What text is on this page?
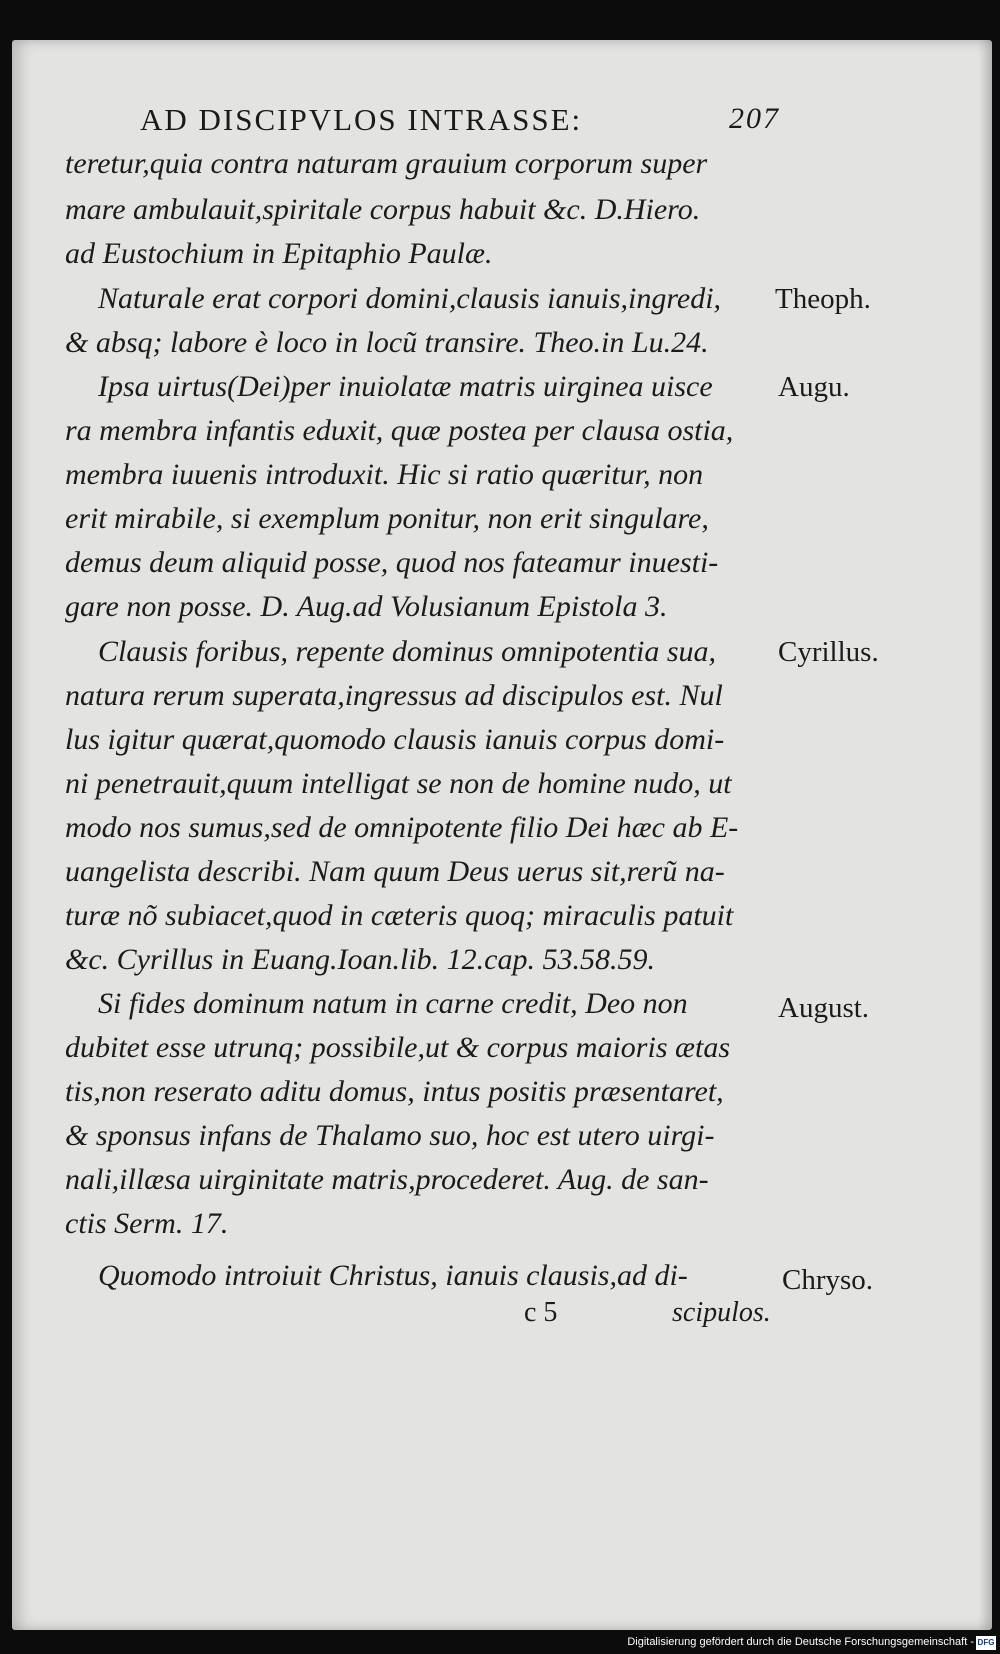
AD DISCIPVLOS INTRASSE:	207
teretur,quia contra naturam grauium corporum super
mare ambulauit,spiritale corpus habuit &c. D.Hiero.
ad Eustochium in Epitaphio Paulæ.
Naturale erat corpori domini,clausis ianuis,ingredi,
& absq; labore è loco in locũ transire. Theo.in Lu.24.
Ipsa uirtus(Dei)per inuiolatæ matris uirginea uisce
ra membra infantis eduxit, quæ postea per clausa ostia,
membra iuuenis introduxit. Hic si ratio quæritur, non
erit mirabile, si exemplum ponitur, non erit singulare,
demus deum aliquid posse, quod nos fateamur inuesti-
gare non posse. D. Aug.ad Volusianum Epistola 3.
Clausis foribus, repente dominus omnipotentia sua,
natura rerum superata,ingressus ad discipulos est. Nul
lus igitur quærat,quomodo clausis ianuis corpus domi-
ni penetrauit,quum intelligat se non de homine nudo, ut
modo nos sumus,sed de omnipotente filio Dei hæc ab E-
uangelista describi. Nam quum Deus uerus sit,rerũ na-
turæ nõ subiacet,quod in cæteris quoq; miraculis patuit
&c. Cyrillus in Euang.Ioan.lib. 12.cap. 53.58.59.
Si fides dominum natum in carne credit, Deo non
dubitet esse utrunq; possibile,ut & corpus maioris ætas
tis,non reserato aditu domus, intus positis præsentaret,
& sponsus infans de Thalamo suo, hoc est utero uirgi-
nali,illæsa uirginitate matris,procederet. Aug. de san-
ctis Serm. 17.
Quomodo introiuit Christus, ianuis clausis,ad di-
Theoph.
Augu.
Cyrillus.
August.
Chryso.
c 5	scipulos.
Digitalisierung gefördert durch die Deutsche Forschungsgemeinschaft - DFG
